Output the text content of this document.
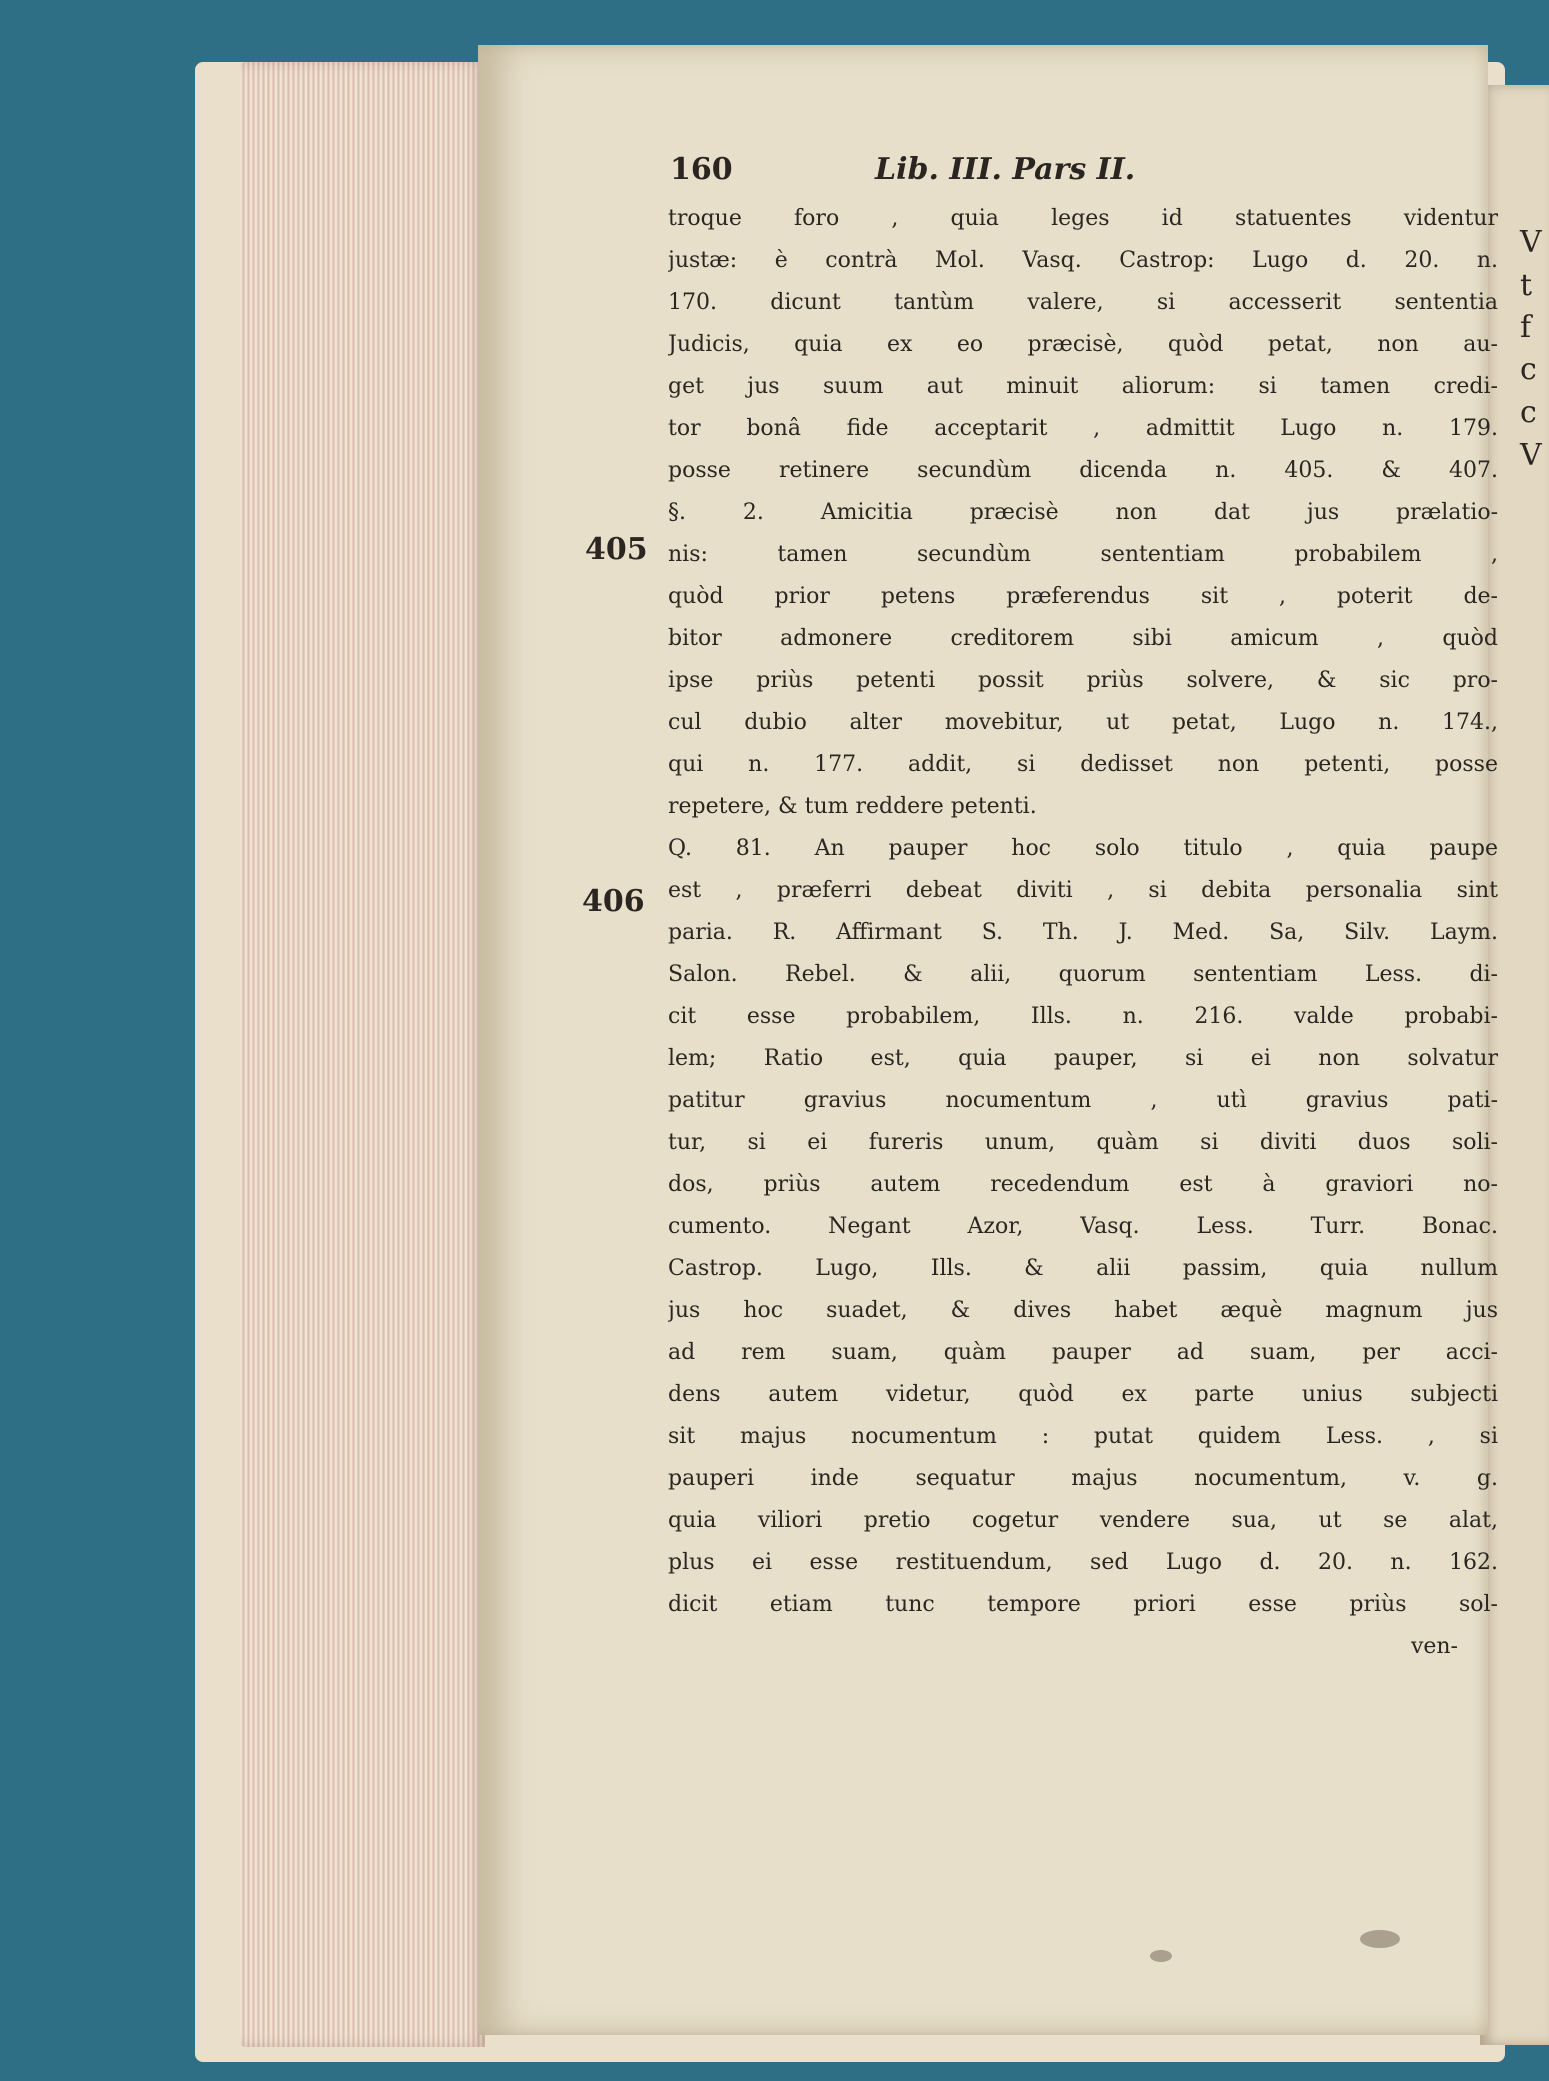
160	Lib. III. Pars II.
405
406
troque foro , quia leges id statuentes videntur
justæ: è contrà Mol. Vasq. Castrop: Lugo d. 20. n.
170. dicunt tantùm valere, si accesserit sententia
Judicis, quia ex eo præcisè, quòd petat, non au-
get jus suum aut minuit aliorum: si tamen credi-
tor bonâ fide acceptarit , admittit Lugo n. 179.
posse retinere secundùm dicenda n. 405. & 407.
§. 2. Amicitia præcisè non dat jus prælatio-
nis: tamen secundùm sententiam probabilem ,
quòd prior petens præferendus sit , poterit de-
bitor admonere creditorem sibi amicum , quòd
ipse priùs petenti possit priùs solvere, & sic pro-
cul dubio alter movebitur, ut petat, Lugo n. 174.,
qui n. 177. addit, si dedisset non petenti, posse
repetere, & tum reddere petenti.
Q. 81. An pauper hoc solo titulo , quia paupe
est , præferri debeat diviti , si debita personalia sint
paria. R. Affirmant S. Th. J. Med. Sa, Silv. Laym.
Salon. Rebel. & alii, quorum sententiam Less. di-
cit esse probabilem, Ills. n. 216. valde probabi-
lem; Ratio est, quia pauper, si ei non solvatur
patitur gravius nocumentum , utì gravius pati-
tur, si ei fureris unum, quàm si diviti duos soli-
dos, priùs autem recedendum est à graviori no-
cumento. Negant Azor, Vasq. Less. Turr. Bonac.
Castrop. Lugo, Ills. & alii passim, quia nullum
jus hoc suadet, & dives habet æquè magnum jus
ad rem suam, quàm pauper ad suam, per acci-
dens autem videtur, quòd ex parte unius subjecti
sit majus nocumentum : putat quidem Less. , si
pauperi inde sequatur majus nocumentum, v. g.
quia viliori pretio cogetur vendere sua, ut se alat,
plus ei esse restituendum, sed Lugo d. 20. n. 162.
dicit etiam tunc tempore priori esse priùs sol-
ven-
V
t
f
c
c
V
